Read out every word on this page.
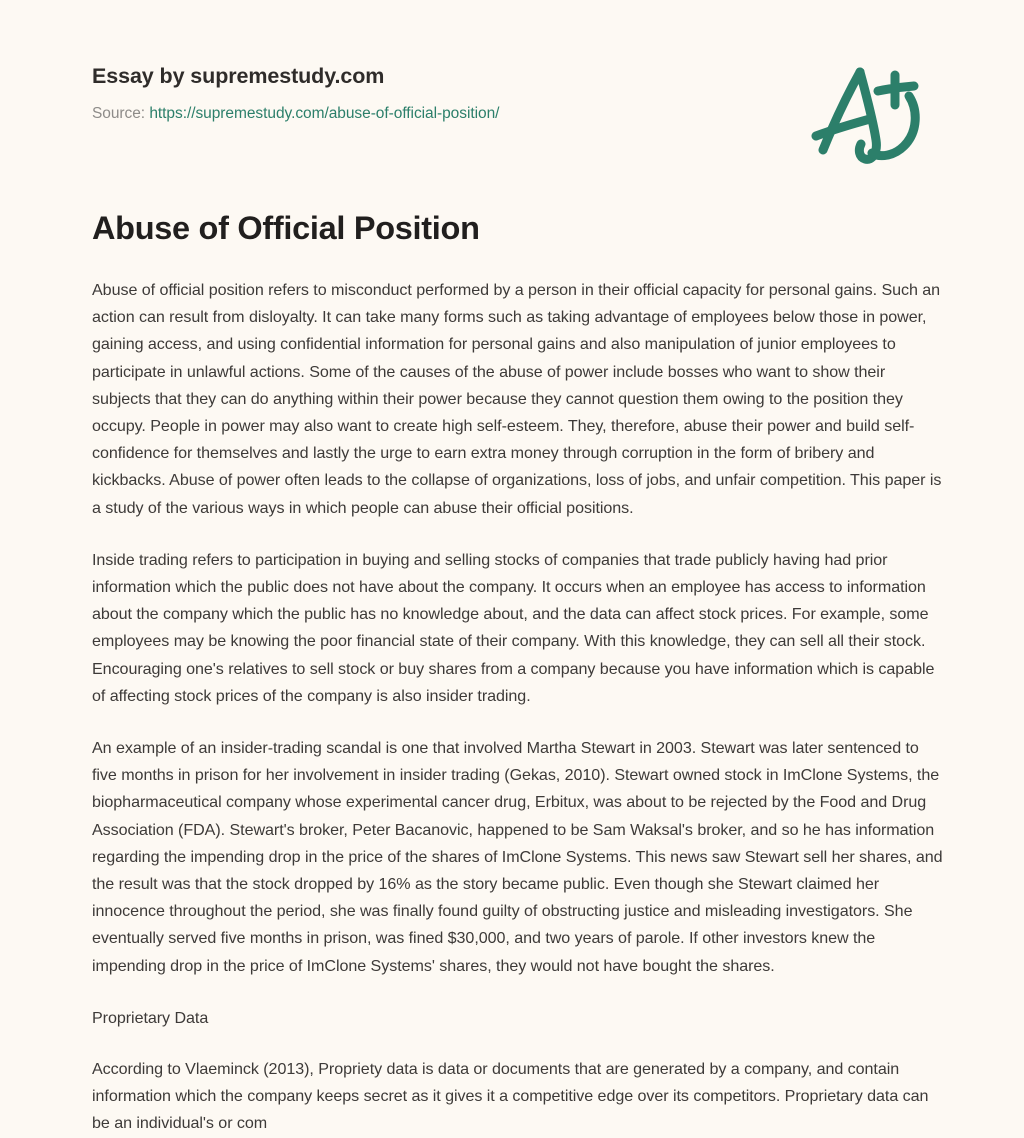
Essay by supremestudy.com
Source: https://supremestudy.com/abuse-of-official-position/
Abuse of Official Position

Abuse of official position refers to misconduct performed by a person in their official capacity for personal gains. Such an action can result from disloyalty. It can take many forms such as taking advantage of employees below those in power, gaining access, and using confidential information for personal gains and also manipulation of junior employees to participate in unlawful actions. Some of the causes of the abuse of power include bosses who want to show their subjects that they can do anything within their power because they cannot question them owing to the position they occupy. People in power may also want to create high self-esteem. They, therefore, abuse their power and build self-confidence for themselves and lastly the urge to earn extra money through corruption in the form of bribery and kickbacks. Abuse of power often leads to the collapse of organizations, loss of jobs, and unfair competition. This paper is a study of the various ways in which people can abuse their official positions.

Inside trading refers to participation in buying and selling stocks of companies that trade publicly having had prior information which the public does not have about the company. It occurs when an employee has access to information about the company which the public has no knowledge about, and the data can affect stock prices. For example, some employees may be knowing the poor financial state of their company. With this knowledge, they can sell all their stock. Encouraging one's relatives to sell stock or buy shares from a company because you have information which is capable of affecting stock prices of the company is also insider trading.

An example of an insider-trading scandal is one that involved Martha Stewart in 2003. Stewart was later sentenced to five months in prison for her involvement in insider trading (Gekas, 2010). Stewart owned stock in ImClone Systems, the biopharmaceutical company whose experimental cancer drug, Erbitux, was about to be rejected by the Food and Drug Association (FDA). Stewart's broker, Peter Bacanovic, happened to be Sam Waksal's broker, and so he has information regarding the impending drop in the price of the shares of ImClone Systems. This news saw Stewart sell her shares, and the result was that the stock dropped by 16% as the story became public. Even though she Stewart claimed her innocence throughout the period, she was finally found guilty of obstructing justice and misleading investigators. She eventually served five months in prison, was fined $30,000, and two years of parole. If other investors knew the impending drop in the price of ImClone Systems' shares, they would not have bought the shares.

Proprietary Data

According to Vlaeminck (2013), Propriety data is data or documents that are generated by a company, and contain information which the company keeps secret as it gives it a competitive edge over its competitors. Proprietary data can be an individual's or com
